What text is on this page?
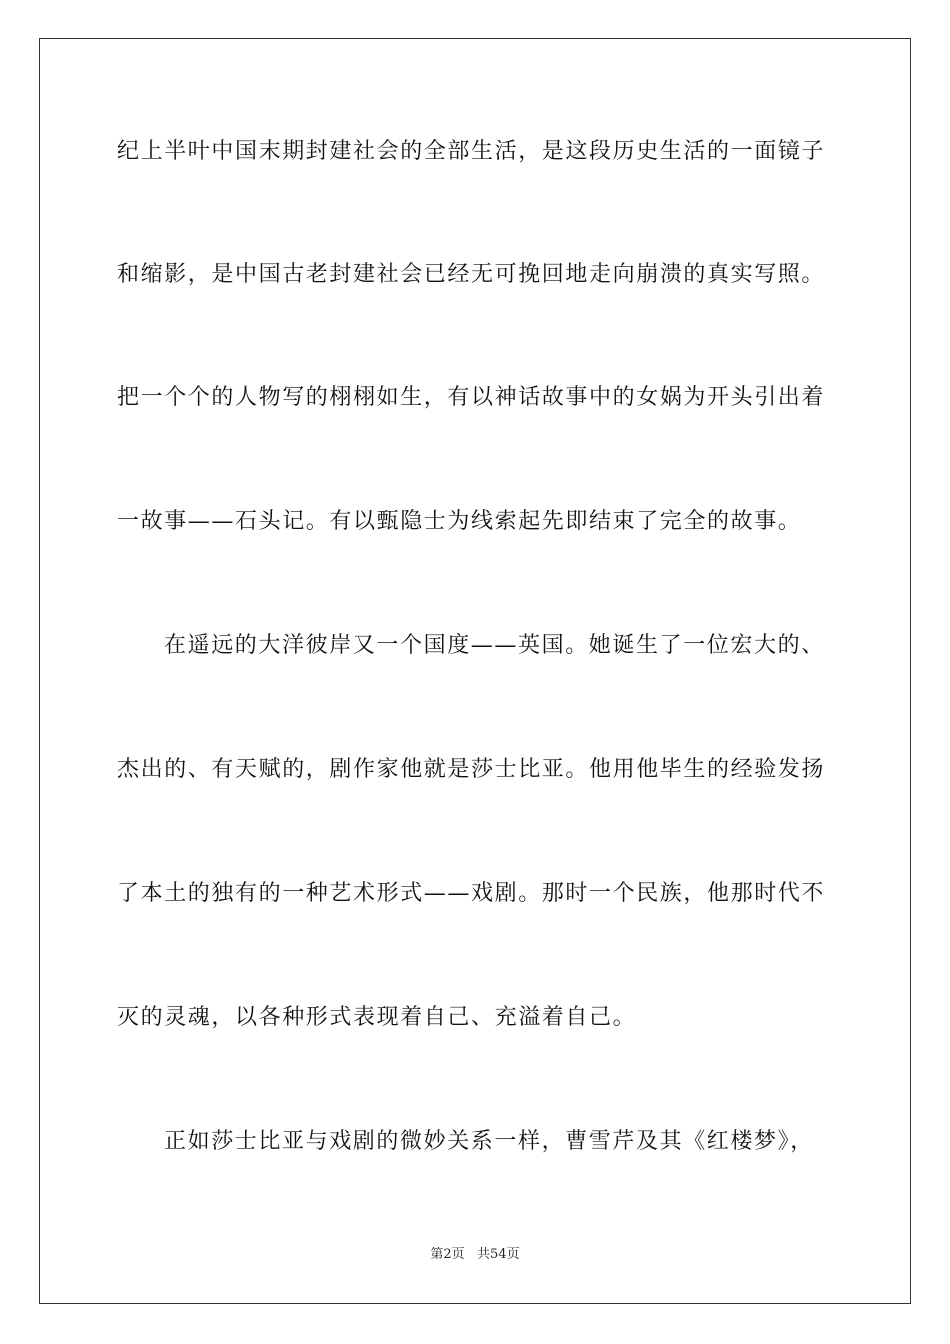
纪上半叶中国末期封建社会的全部生活，是这段历史生活的一面镜子
和缩影，是中国古老封建社会已经无可挽回地走向崩溃的真实写照。
把一个个的人物写的栩栩如生，有以神话故事中的女娲为开头引出着
一故事——石头记。有以甄隐士为线索起先即结束了完全的故事。
在遥远的大洋彼岸又一个国度——英国。她诞生了一位宏大的、
杰出的、有天赋的，剧作家他就是莎士比亚。他用他毕生的经验发扬
了本土的独有的一种艺术形式——戏剧。那时一个民族，他那时代不
灭的灵魂，以各种形式表现着自己、充溢着自己。
正如莎士比亚与戏剧的微妙关系一样，曹雪芹及其《红楼梦》，
第2页   共54页
